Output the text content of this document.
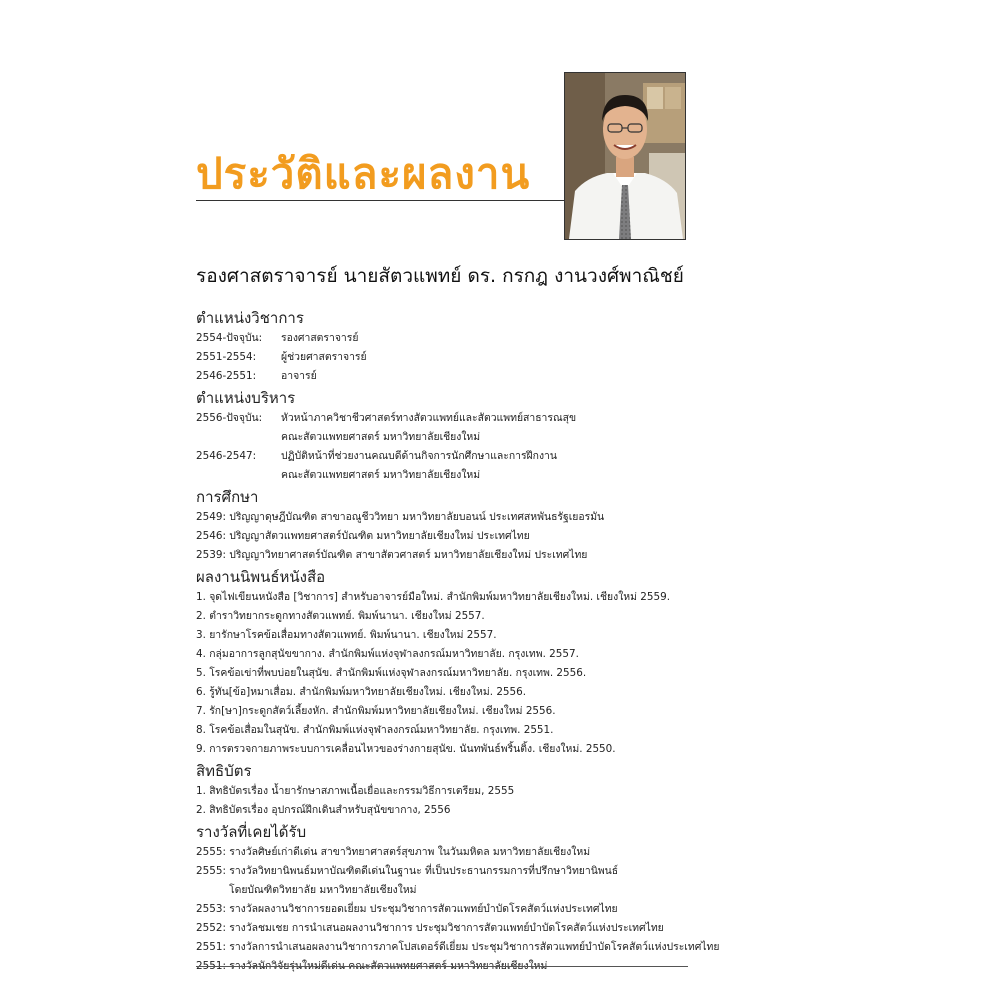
ประวัติและผลงาน
รองศาสตราจารย์ นายสัตวแพทย์ ดร. กรกฎ งานวงศ์พาณิชย์
ตำแหน่งวิชาการ
2554-ปัจจุบัน:	รองศาสตราจารย์
2551-2554:	ผู้ช่วยศาสตราจารย์
2546-2551:	อาจารย์
ตำแหน่งบริหาร
2556-ปัจจุบัน:	หัวหน้าภาควิชาชีวศาสตร์ทางสัตวแพทย์และสัตวแพทย์สาธารณสุข
คณะสัตวแพทยศาสตร์ มหาวิทยาลัยเชียงใหม่
2546-2547:	ปฏิบัติหน้าที่ช่วยงานคณบดีด้านกิจการนักศึกษาและการฝึกงาน
คณะสัตวแพทยศาสตร์ มหาวิทยาลัยเชียงใหม่
การศึกษา
2549: ปริญญาดุษฎีบัณฑิต สาขาอณูชีววิทยา มหาวิทยาลัยบอนน์ ประเทศสหพันธรัฐเยอรมัน
2546: ปริญญาสัตวแพทยศาสตร์บัณฑิต มหาวิทยาลัยเชียงใหม่ ประเทศไทย
2539: ปริญญาวิทยาศาสตร์บัณฑิต สาขาสัตวศาสตร์ มหาวิทยาลัยเชียงใหม่ ประเทศไทย
ผลงานนิพนธ์หนังสือ
1. จุดไฟเขียนหนังสือ [วิชาการ] สำหรับอาจารย์มือใหม่. สำนักพิมพ์มหาวิทยาลัยเชียงใหม่. เชียงใหม่ 2559.
2. ตำราวิทยากระดูกทางสัตวแพทย์. พิมพ์นานา. เชียงใหม่ 2557.
3. ยารักษาโรคข้อเสื่อมทางสัตวแพทย์. พิมพ์นานา. เชียงใหม่ 2557.
4. กลุ่มอาการลูกสุนัขขากาง. สำนักพิมพ์แห่งจุฬาลงกรณ์มหาวิทยาลัย. กรุงเทพ. 2557.
5. โรคข้อเข่าที่พบบ่อยในสุนัข. สำนักพิมพ์แห่งจุฬาลงกรณ์มหาวิทยาลัย. กรุงเทพ. 2556.
6. รู้ทัน[ข้อ]หมาเสื่อม. สำนักพิมพ์มหาวิทยาลัยเชียงใหม่. เชียงใหม่. 2556.
7. รัก[ษา]กระดูกสัตว์เลี้ยงหัก. สำนักพิมพ์มหาวิทยาลัยเชียงใหม่. เชียงใหม่ 2556.
8. โรคข้อเสื่อมในสุนัข. สำนักพิมพ์แห่งจุฬาลงกรณ์มหาวิทยาลัย. กรุงเทพ. 2551.
9. การตรวจกายภาพระบบการเคลื่อนไหวของร่างกายสุนัข. นันทพันธ์พริ้นติ้ง. เชียงใหม่. 2550.
สิทธิบัตร
1. สิทธิบัตรเรื่อง น้ำยารักษาสภาพเนื้อเยื่อและกรรมวิธีการเตรียม, 2555
2. สิทธิบัตรเรื่อง อุปกรณ์ฝึกเดินสำหรับสุนัขขากาง, 2556
รางวัลที่เคยได้รับ
2555: รางวัลศิษย์เก่าดีเด่น สาขาวิทยาศาสตร์สุขภาพ ในวันมหิดล มหาวิทยาลัยเชียงใหม่
2555: รางวัลวิทยานิพนธ์มหาบัณฑิตดีเด่นในฐานะ ที่เป็นประธานกรรมการที่ปรึกษาวิทยานิพนธ์
โดยบัณฑิตวิทยาลัย มหาวิทยาลัยเชียงใหม่
2553: รางวัลผลงานวิชาการยอดเยี่ยม ประชุมวิชาการสัตวแพทย์บำบัดโรคสัตว์แห่งประเทศไทย
2552: รางวัลชมเชย การนำเสนอผลงานวิชาการ ประชุมวิชาการสัตวแพทย์บำบัดโรคสัตว์แห่งประเทศไทย
2551: รางวัลการนำเสนอผลงานวิชาการภาคโปสเตอร์ดีเยี่ยม ประชุมวิชาการสัตวแพทย์บำบัดโรคสัตว์แห่งประเทศไทย
2551: รางวัลนักวิจัยรุ่นใหม่ดีเด่น คณะสัตวแพทยศาสตร์ มหาวิทยาลัยเชียงใหม่
